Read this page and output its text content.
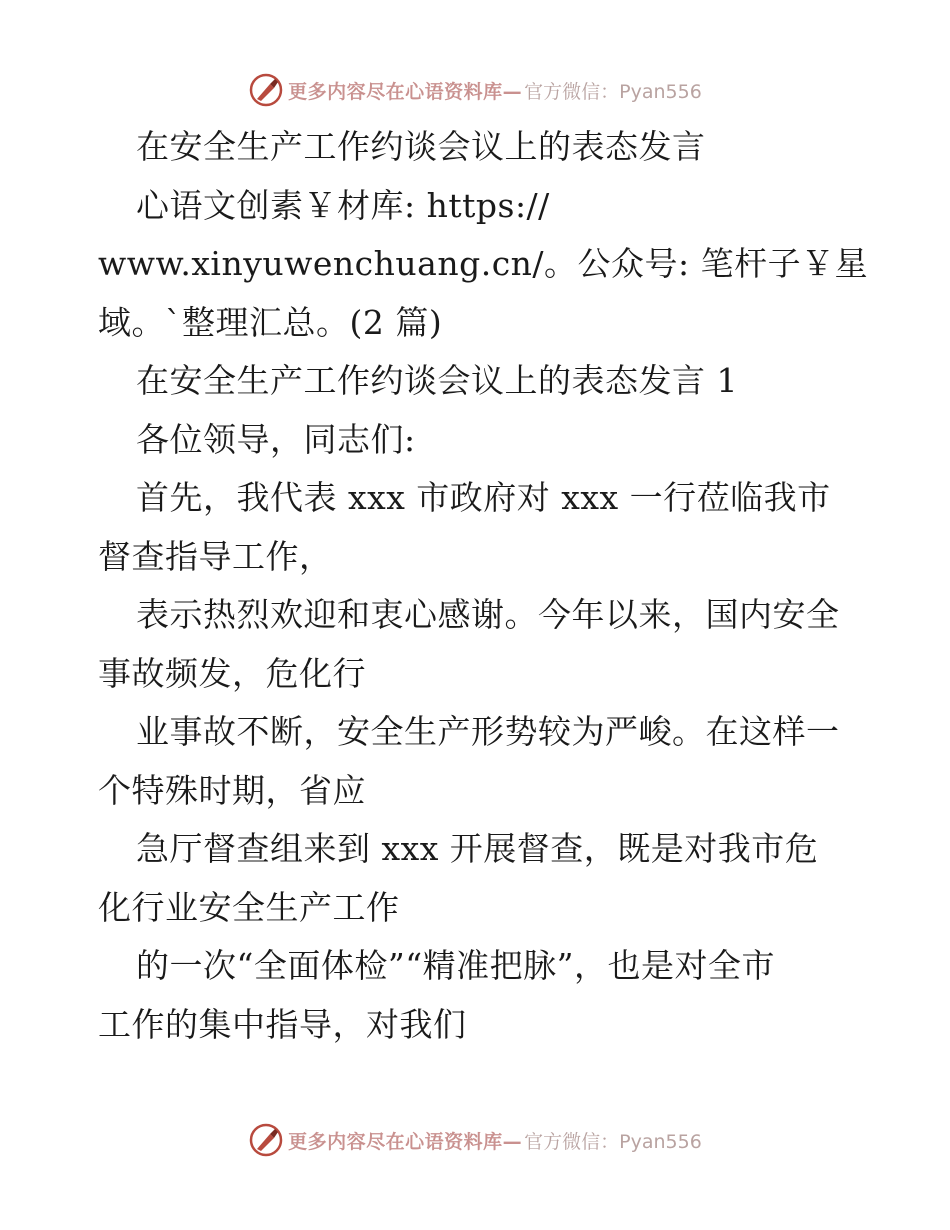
更多内容尽在心语资料库— 官方微信：Pyan556
在安全生产工作约谈会议上的表态发言
心语文创素￥材库: https://
www.xinyuwenchuang.cn/。公众号: 笔杆子￥星
域。`整理汇总。(2 篇)
在安全生产工作约谈会议上的表态发言 1
各位领导，同志们:
首先，我代表 xxx 市政府对 xxx 一行莅临我市
督查指导工作，
表示热烈欢迎和衷心感谢。今年以来，国内安全
事故频发，危化行
业事故不断，安全生产形势较为严峻。在这样一
个特殊时期，省应
急厅督查组来到 xxx 开展督查，既是对我市危
化行业安全生产工作
的一次“全面体检”“精准把脉”，也是对全市
工作的集中指导，对我们
更多内容尽在心语资料库— 官方微信：Pyan556
